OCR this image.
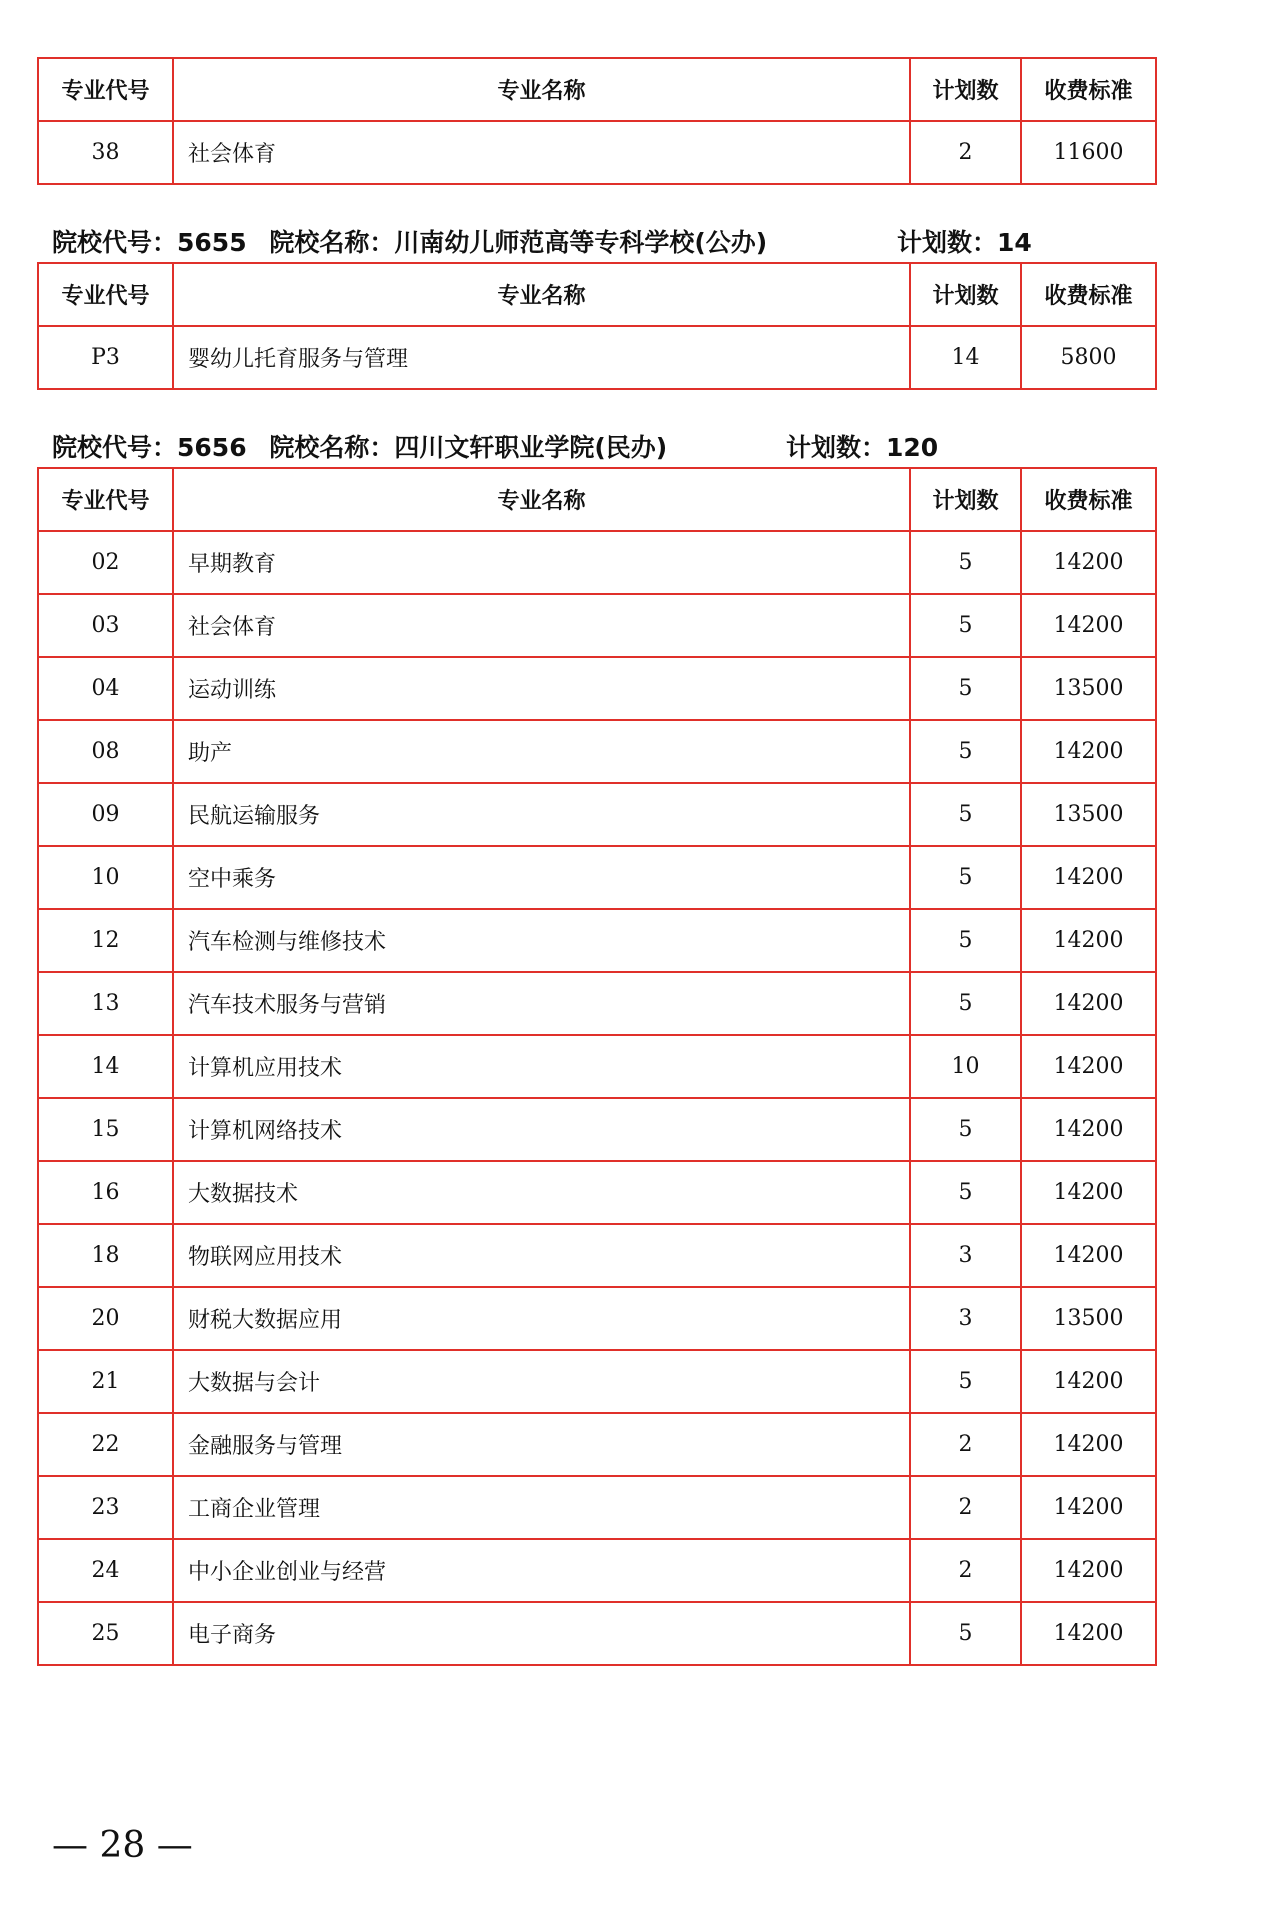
专业代号	专业名称	计划数	收费标准
38	社会体育	2	11600
院校代号：5655 院校名称：川南幼儿师范高等专科学校(公办)	计划数：14
专业代号	专业名称	计划数	收费标准
P3	婴幼儿托育服务与管理	14	5800
院校代号：5656 院校名称：四川文轩职业学院(民办)	计划数：120
专业代号	专业名称	计划数	收费标准
02	早期教育	5	14200
03	社会体育	5	14200
04	运动训练	5	13500
08	助产	5	14200
09	民航运输服务	5	13500
10	空中乘务	5	14200
12	汽车检测与维修技术	5	14200
13	汽车技术服务与营销	5	14200
14	计算机应用技术	10	14200
15	计算机网络技术	5	14200
16	大数据技术	5	14200
18	物联网应用技术	3	14200
20	财税大数据应用	3	13500
21	大数据与会计	5	14200
22	金融服务与管理	2	14200
23	工商企业管理	2	14200
24	中小企业创业与经营	2	14200
25	电子商务	5	14200
— 28 —
